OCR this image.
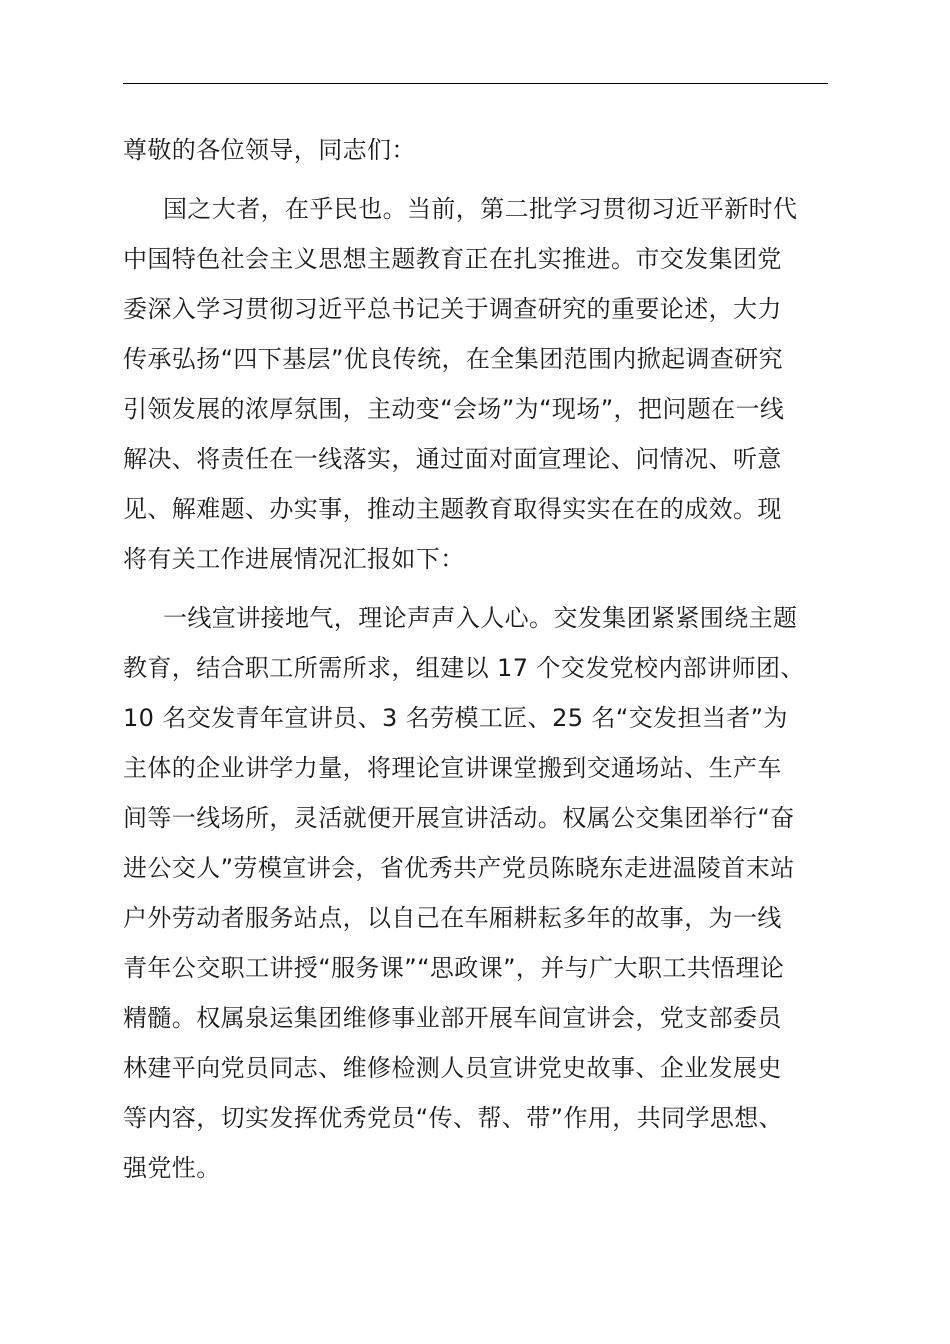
尊敬的各位领导，同志们：
国之大者，在乎民也。当前，第二批学习贯彻习近平新时代
中国特色社会主义思想主题教育正在扎实推进。市交发集团党
委深入学习贯彻习近平总书记关于调查研究的重要论述，大力
传承弘扬“四下基层”优良传统，在全集团范围内掀起调查研究
引领发展的浓厚氛围，主动变“会场”为“现场”，把问题在一线
解决、将责任在一线落实，通过面对面宣理论、问情况、听意
见、解难题、办实事，推动主题教育取得实实在在的成效。现
将有关工作进展情况汇报如下：
一线宣讲接地气，理论声声入人心。交发集团紧紧围绕主题
教育，结合职工所需所求，组建以 17 个交发党校内部讲师团、
10 名交发青年宣讲员、3 名劳模工匠、25 名“交发担当者”为
主体的企业讲学力量，将理论宣讲课堂搬到交通场站、生产车
间等一线场所，灵活就便开展宣讲活动。权属公交集团举行“奋
进公交人”劳模宣讲会，省优秀共产党员陈晓东走进温陵首末站
户外劳动者服务站点，以自己在车厢耕耘多年的故事，为一线
青年公交职工讲授“服务课”“思政课”，并与广大职工共悟理论
精髓。权属泉运集团维修事业部开展车间宣讲会，党支部委员
林建平向党员同志、维修检测人员宣讲党史故事、企业发展史
等内容，切实发挥优秀党员“传、帮、带”作用，共同学思想、
强党性。
